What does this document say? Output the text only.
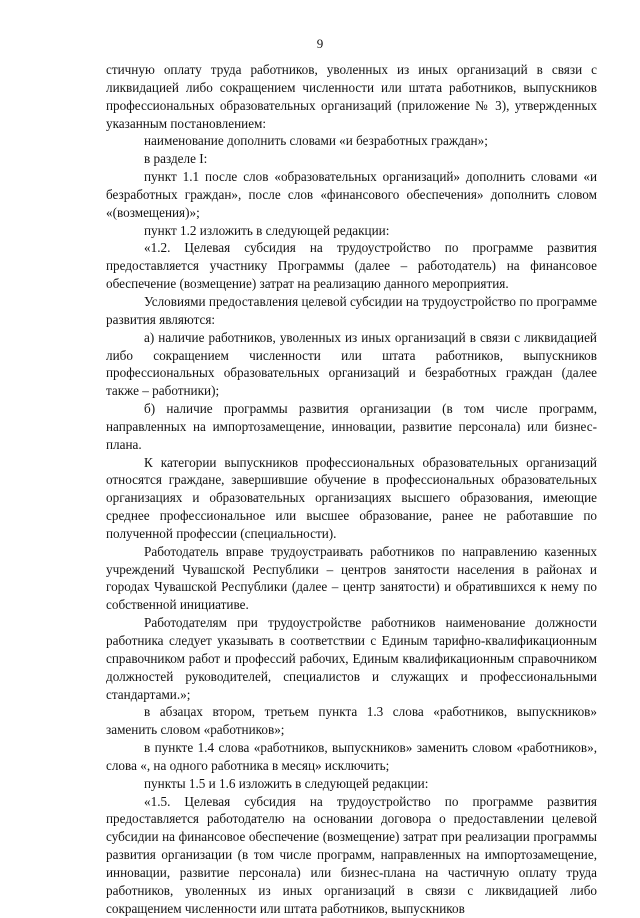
9

стичную оплату труда работников, уволенных из иных организаций в связи с ликвидацией либо сокращением численности или штата работников, выпускников профессиональных образовательных организаций (приложение № 3), утвержденных указанным постановлением:

наименование дополнить словами «и безработных граждан»;

в разделе I:

пункт 1.1 после слов «образовательных организаций» дополнить словами «и безработных граждан», после слов «финансового обеспечения» дополнить словом «(возмещения)»;

пункт 1.2 изложить в следующей редакции:

«1.2. Целевая субсидия на трудоустройство по программе развития предоставляется участнику Программы (далее – работодатель) на финансовое обеспечение (возмещение) затрат на реализацию данного мероприятия.

Условиями предоставления целевой субсидии на трудоустройство по программе развития являются:

а) наличие работников, уволенных из иных организаций в связи с ликвидацией либо сокращением численности или штата работников, выпускников профессиональных образовательных организаций и безработных граждан (далее также – работники);

б) наличие программы развития организации (в том числе программ, направленных на импортозамещение, инновации, развитие персонала) или бизнес-плана.

К категории выпускников профессиональных образовательных организаций относятся граждане, завершившие обучение в профессиональных образовательных организациях и образовательных организациях высшего образования, имеющие среднее профессиональное или высшее образование, ранее не работавшие по полученной профессии (специальности).

Работодатель вправе трудоустраивать работников по направлению казенных учреждений Чувашской Республики – центров занятости населения в районах и городах Чувашской Республики (далее – центр занятости) и обратившихся к нему по собственной инициативе.

Работодателям при трудоустройстве работников наименование должности работника следует указывать в соответствии с Единым тарифно-квалификационным справочником работ и профессий рабочих, Единым квалификационным справочником должностей руководителей, специалистов и служащих и профессиональными стандартами.»;

в абзацах втором, третьем пункта 1.3 слова «работников, выпускников» заменить словом «работников»;

в пункте 1.4 слова «работников, выпускников» заменить словом «работников», слова «, на одного работника в месяц» исключить;

пункты 1.5 и 1.6 изложить в следующей редакции:

«1.5. Целевая субсидия на трудоустройство по программе развития предоставляется работодателю на основании договора о предоставлении целевой субсидии на финансовое обеспечение (возмещение) затрат при реализации программы развития организации (в том числе программ, направленных на импортозамещение, инновации, развитие персонала) или бизнес-плана на частичную оплату труда работников, уволенных из иных организаций в связи с ликвидацией либо сокращением численности или штата работников, выпускников
